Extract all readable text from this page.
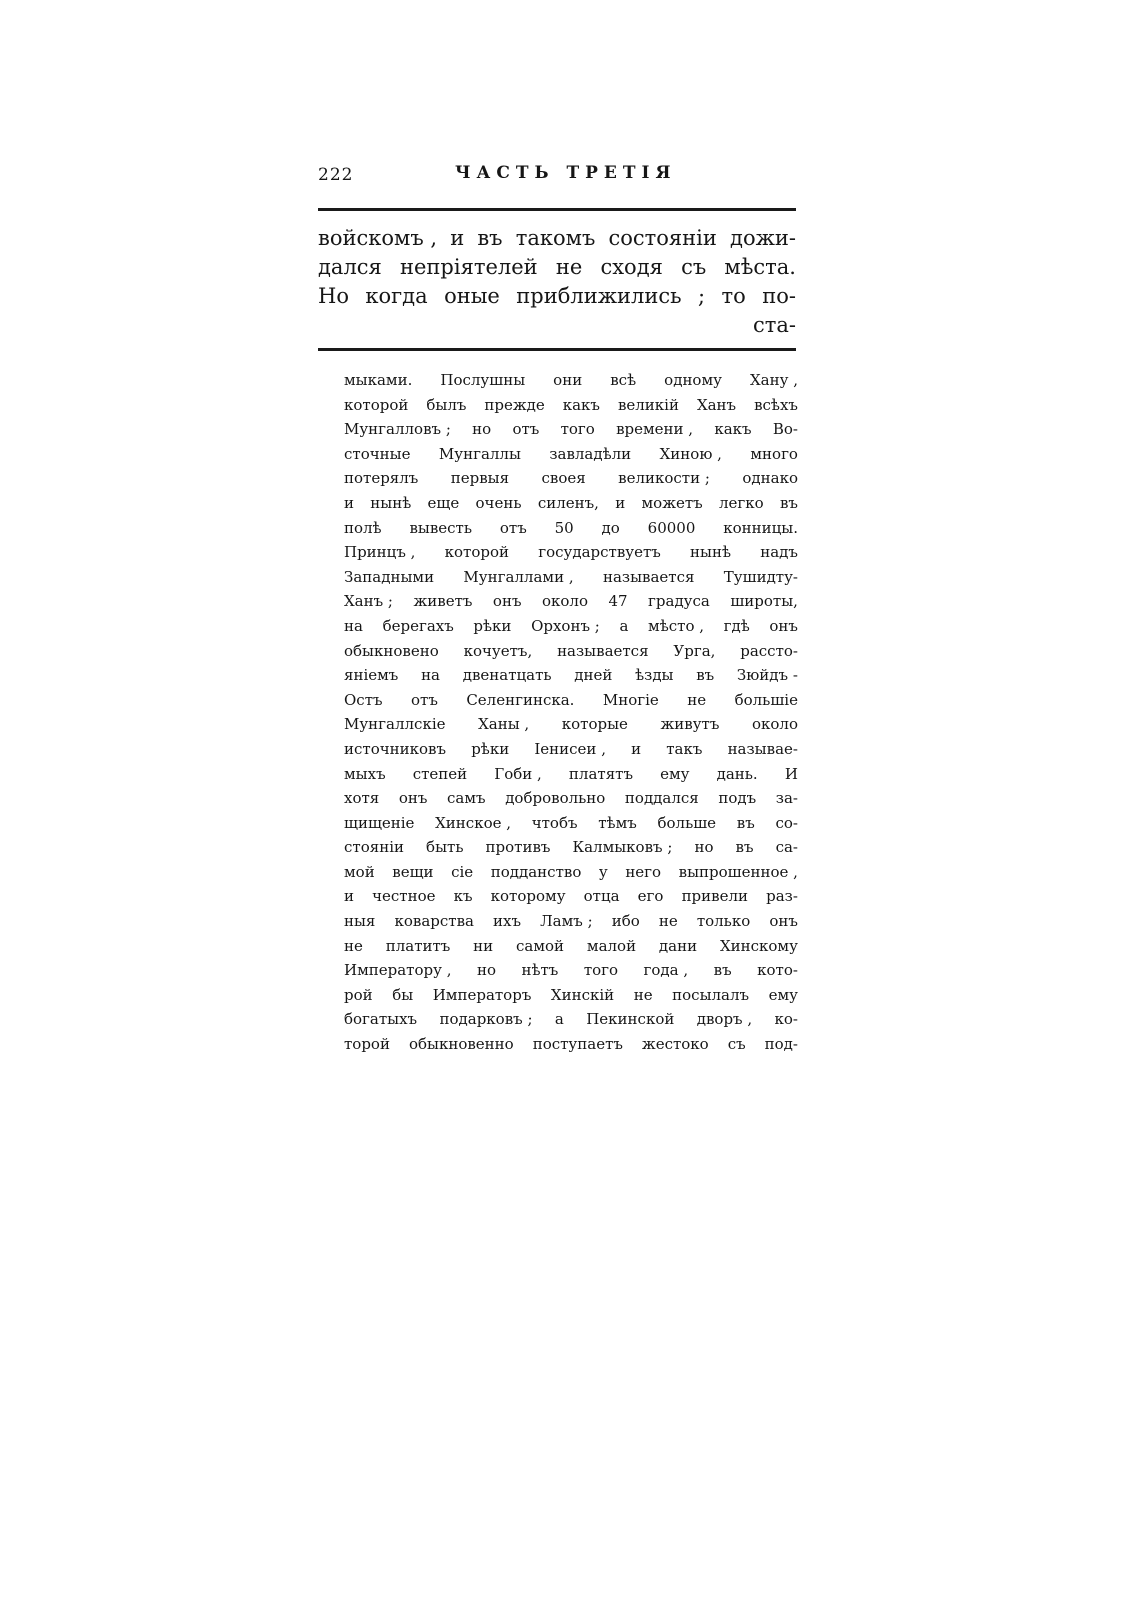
222	ЧАСТЬ ТРЕТІЯ
войскомъ , и въ такомъ состояніи дожи-
дался непріятелей не сходя съ мѣста.
Но когда оные приближились ; то по-
ста-
мыками. Послушны они всѣ одному Хану ,
которой былъ прежде какъ великій Ханъ всѣхъ
Мунгалловъ ; но отъ того времени , какъ Во-
сточные Мунгаллы завладѣли Хиною , много
потерялъ первыя своея великости ; однако
и нынѣ еще очень силенъ, и можетъ легко въ
полѣ вывесть отъ 50 до 60000 конницы.
Принцъ , которой государствуетъ нынѣ надъ
Западными Мунгаллами , называется Тушидту-
Ханъ ; живетъ онъ около 47 градуса широты,
на берегахъ рѣки Орхонъ ; а мѣсто , гдѣ онъ
обыкновено кочуетъ, называется Урга, рассто-
яніемъ на двенатцать дней ѣзды въ Зюйдъ -
Остъ отъ Селенгинска. Многіе не большіе
Мунгаллскіе Ханы , которые живутъ около
источниковъ рѣки Іенисеи , и такъ называе-
мыхъ степей Гоби , платятъ ему дань. И
хотя онъ самъ добровольно поддался подъ за-
щищеніе Хинское , чтобъ тѣмъ больше въ со-
стояніи быть противъ Калмыковъ ; но въ са-
мой вещи сіе подданство у него выпрошенное ,
и честное къ которому отца его привели раз-
ныя коварства ихъ Ламъ ; ибо не только онъ
не платитъ ни самой малой дани Хинскому
Императору , но нѣтъ того года , въ кото-
рой бы Императоръ Хинскій не посылалъ ему
богатыхъ подарковъ ; а Пекинской дворъ , ко-
торой обыкновенно поступаетъ жестоко съ под-
